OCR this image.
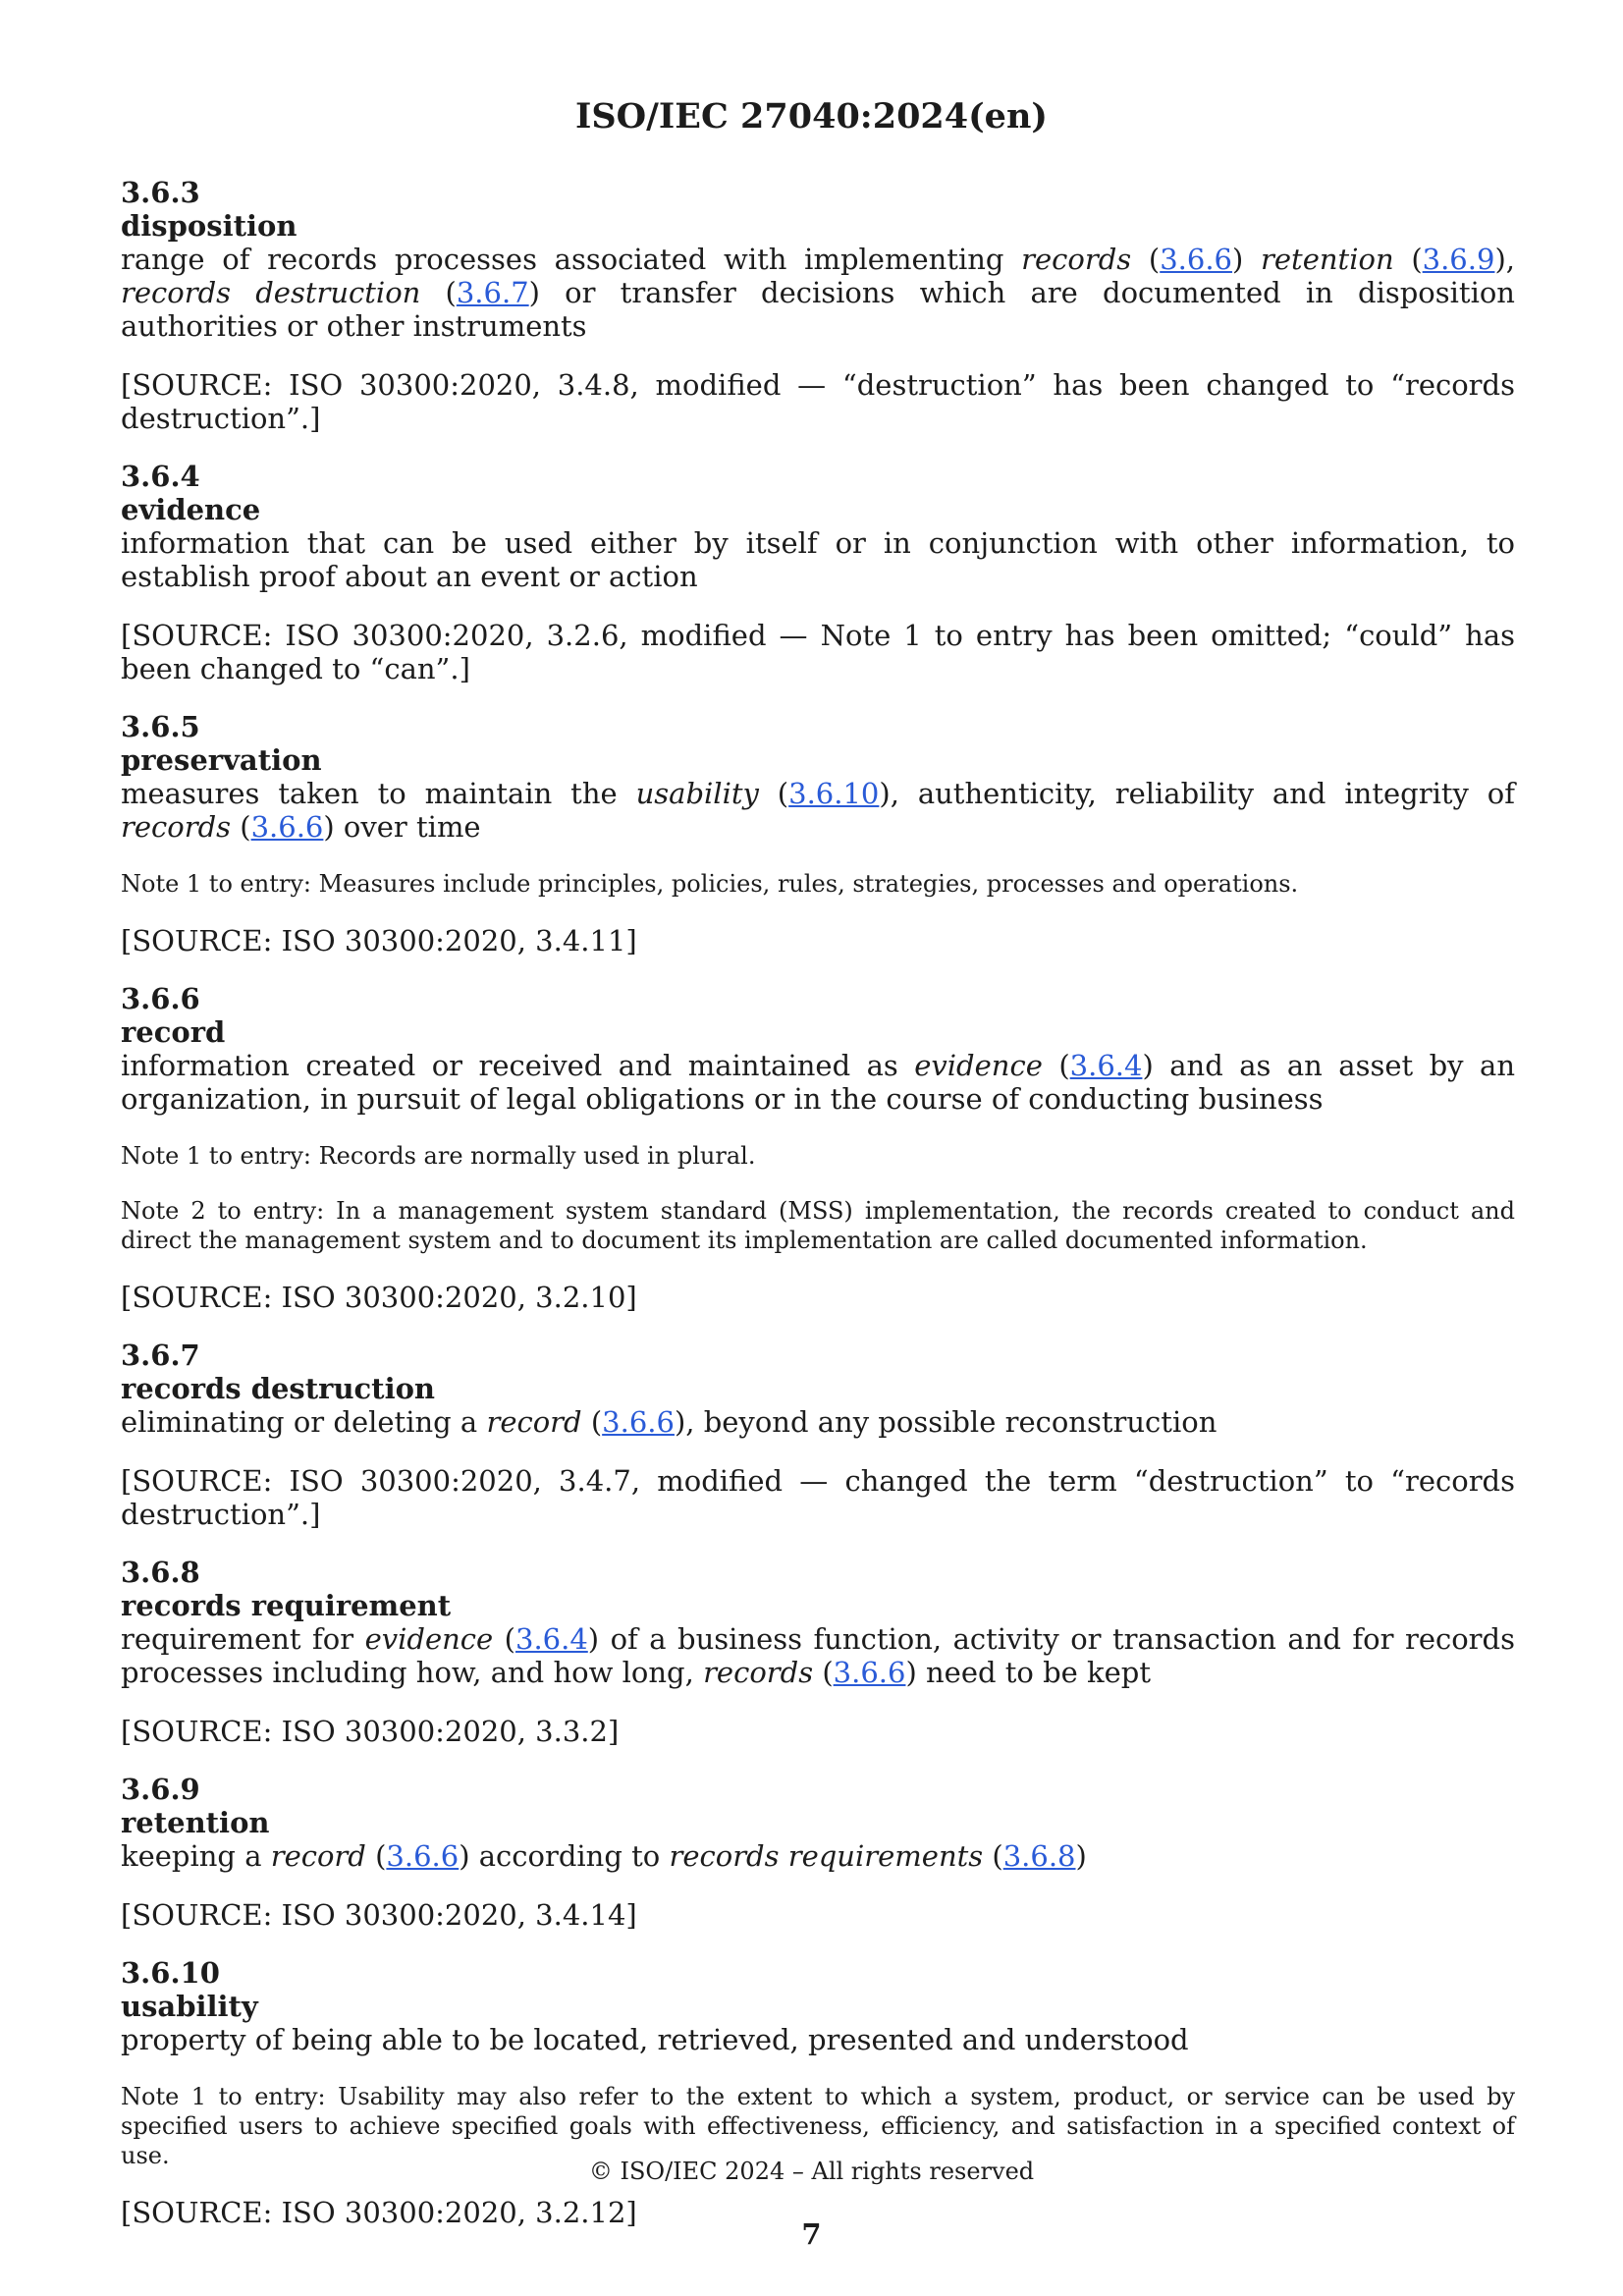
ISO/IEC 27040:2024(en)
3.6.3
disposition
range of records processes associated with implementing records (3.6.6) retention (3.6.9), records destruction (3.6.7) or transfer decisions which are documented in disposition authorities or other instruments
[SOURCE: ISO 30300:2020, 3.4.8, modified — “destruction” has been changed to “records destruction”.]
3.6.4
evidence
information that can be used either by itself or in conjunction with other information, to establish proof about an event or action
[SOURCE: ISO 30300:2020, 3.2.6, modified — Note 1 to entry has been omitted; “could” has been changed to “can”.]
3.6.5
preservation
measures taken to maintain the usability (3.6.10), authenticity, reliability and integrity of records (3.6.6) over time
Note 1 to entry: Measures include principles, policies, rules, strategies, processes and operations.
[SOURCE: ISO 30300:2020, 3.4.11]
3.6.6
record
information created or received and maintained as evidence (3.6.4) and as an asset by an organization, in pursuit of legal obligations or in the course of conducting business
Note 1 to entry: Records are normally used in plural.
Note 2 to entry: In a management system standard (MSS) implementation, the records created to conduct and direct the management system and to document its implementation are called documented information.
[SOURCE: ISO 30300:2020, 3.2.10]
3.6.7
records destruction
eliminating or deleting a record (3.6.6), beyond any possible reconstruction
[SOURCE: ISO 30300:2020, 3.4.7, modified — changed the term “destruction” to “records destruction”.]
3.6.8
records requirement
requirement for evidence (3.6.4) of a business function, activity or transaction and for records processes including how, and how long, records (3.6.6) need to be kept
[SOURCE: ISO 30300:2020, 3.3.2]
3.6.9
retention
keeping a record (3.6.6) according to records requirements (3.6.8)
[SOURCE: ISO 30300:2020, 3.4.14]
3.6.10
usability
property of being able to be located, retrieved, presented and understood
Note 1 to entry: Usability may also refer to the extent to which a system, product, or service can be used by specified users to achieve specified goals with effectiveness, efficiency, and satisfaction in a specified context of use.
[SOURCE: ISO 30300:2020, 3.2.12]
© ISO/IEC 2024 – All rights reserved
7
